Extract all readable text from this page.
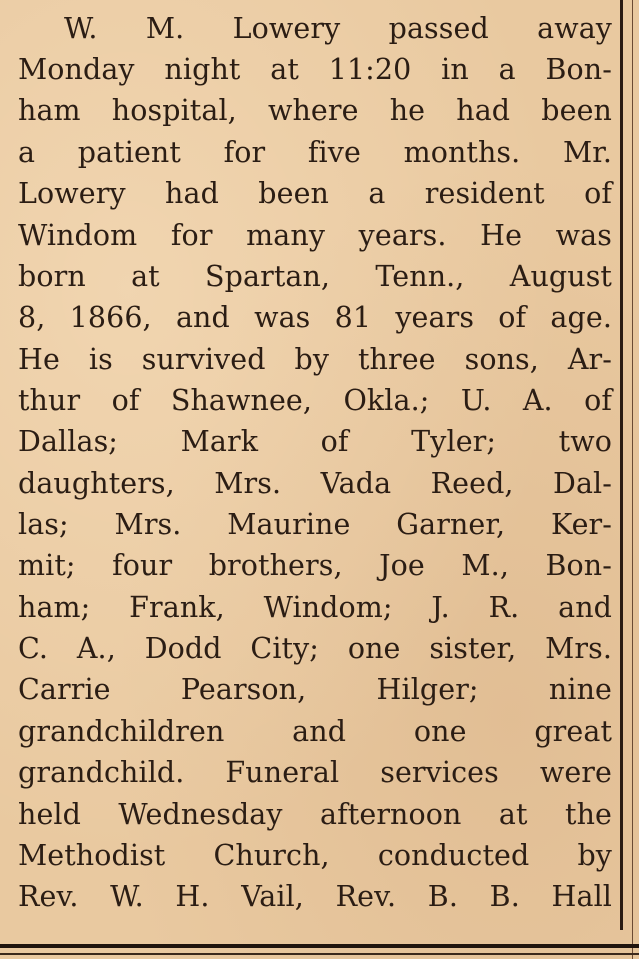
W. M. Lowery passed away
Monday night at 11:20 in a Bon-
ham hospital, where he had been
a patient for five months. Mr.
Lowery had been a resident of
Windom for many years. He was
born at Spartan, Tenn., August
8, 1866, and was 81 years of age.
He is survived by three sons, Ar-
thur of Shawnee, Okla.; U. A. of
Dallas; Mark of Tyler; two
daughters, Mrs. Vada Reed, Dal-
las; Mrs. Maurine Garner, Ker-
mit; four brothers, Joe M., Bon-
ham; Frank, Windom; J. R. and
C. A., Dodd City; one sister, Mrs.
Carrie Pearson, Hilger; nine
grandchildren and one great
grandchild. Funeral services were
held Wednesday afternoon at the
Methodist Church, conducted by
Rev. W. H. Vail, Rev. B. B. Hall
